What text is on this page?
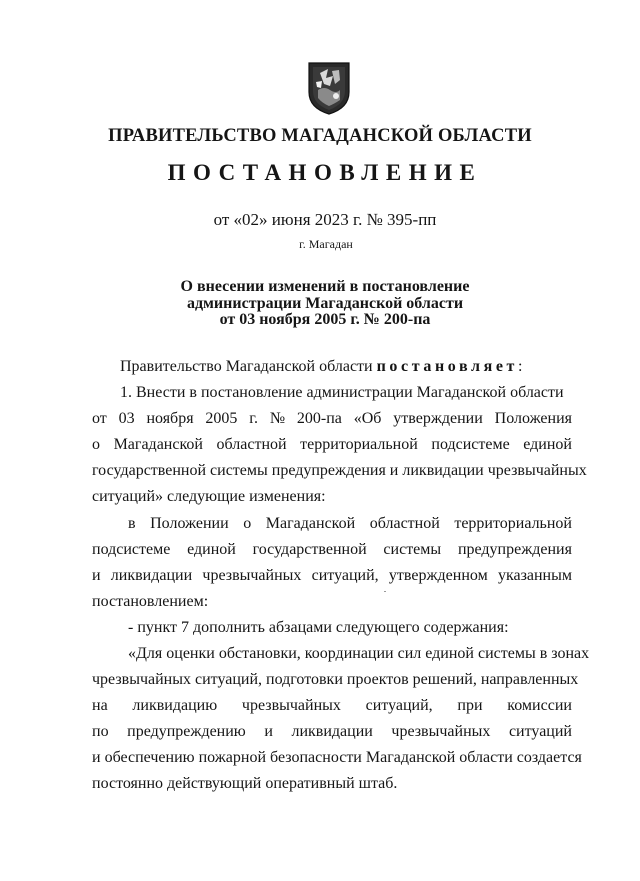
ПРАВИТЕЛЬСТВО МАГАДАНСКОЙ ОБЛАСТИ
ПОСТАНОВЛЕНИЕ
от «02» июня 2023 г. № 395-пп
г. Магадан
О внесении изменений в постановление
администрации Магаданской области
от 03 ноября 2005 г. № 200-па
Правительство Магаданской области постановляет:
1. Внести в постановление администрации Магаданской области
от 03 ноября 2005 г. № 200-па «Об утверждении Положения
о Магаданской областной территориальной подсистеме единой
государственной системы предупреждения и ликвидации чрезвычайных
ситуаций» следующие изменения:
в Положении о Магаданской областной территориальной
подсистеме единой государственной системы предупреждения
и ликвидации чрезвычайных ситуаций, утвержденном указанным
постановлением:
- пункт 7 дополнить абзацами следующего содержания:
«Для оценки обстановки, координации сил единой системы в зонах
чрезвычайных ситуаций, подготовки проектов решений, направленных
на ликвидацию чрезвычайных ситуаций, при комиссии
по предупреждению и ликвидации чрезвычайных ситуаций
и обеспечению пожарной безопасности Магаданской области создается
постоянно действующий оперативный штаб.
